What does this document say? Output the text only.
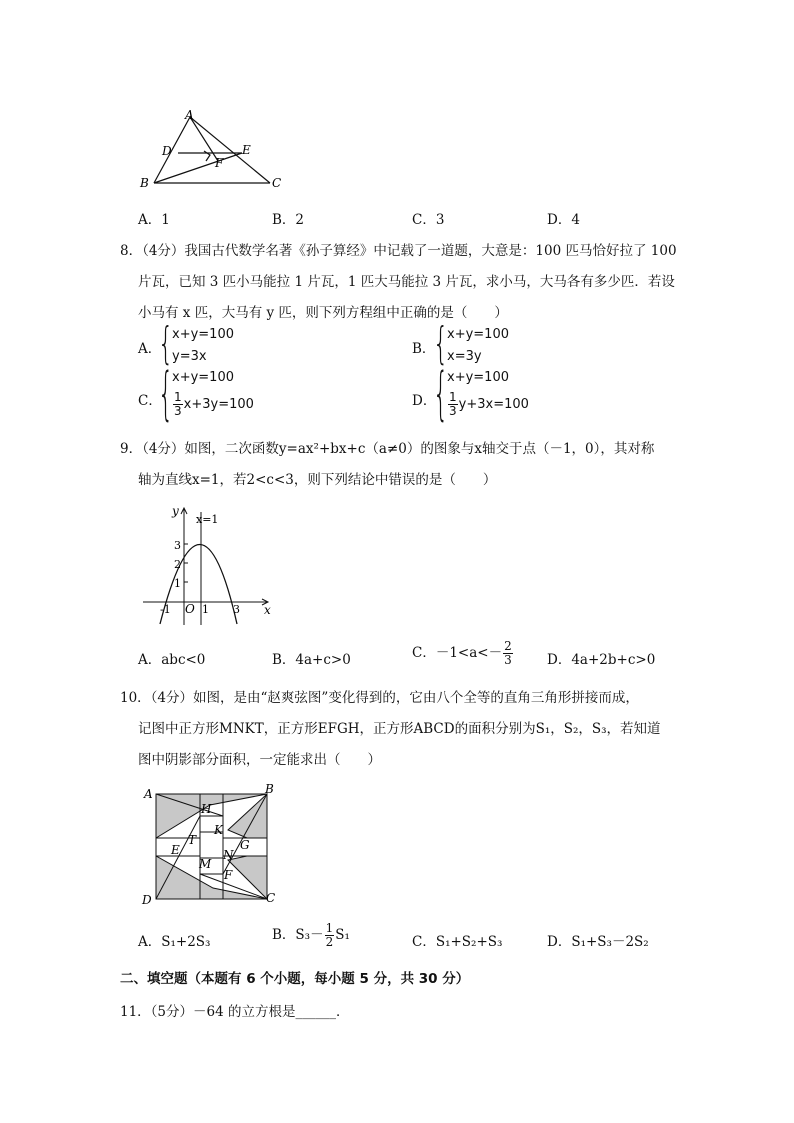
A
D	E
F
B	C
A．1	B．2	C．3	D．4
8．（4分）我国古代数学名著《孙子算经》中记载了一道题，大意是：100 匹马恰好拉了 100
片瓦，已知 3 匹小马能拉 1 片瓦，1 匹大马能拉 3 片瓦，求小马，大马各有多少匹．若设
小马有 x 匹，大马有 y 匹，则下列方程组中正确的是（　　）
A．
{
x+y=100
y=3x	B．
{
x+y=100
x=3y
C．
{
x+y=100
$\frac{1}{3} x+3y=100$	D．
{
x+y=100
$\frac{1}{3} y+3x=100$
9．（4分）如图，二次函数y=ax²+bx+c（a≠0）的图象与x轴交于点（－1，0），其对称
轴为直线x=1，若2<c<3，则下列结论中错误的是（　　）
y
x
x=1
3
2
1
-1 O 1 3
A．abc<0	B．4a+c>0	C．$-1<a<- \frac{2}{3}$	D．4a+2b+c>0
10．（4分）如图，是由“赵爽弦图”变化得到的，它由八个全等的直角三角形拼接而成，
记图中正方形MNKT，正方形EFGH，正方形ABCD的面积分别为S₁，S₂，S₃，若知道
图中阴影部分面积，一定能求出（　　）
A	B
C
D
H
K
T	G
E
M
N
F
A．S₁+2S₃	B．$S_3- \frac{1}{2} S_1$	C．S₁+S₂+S₃	D．S₁+S₃－2S₂
二、填空题（本题有 6 个小题，每小题 5 分，共 30 分）
11．（5分）－64 的立方根是______．
